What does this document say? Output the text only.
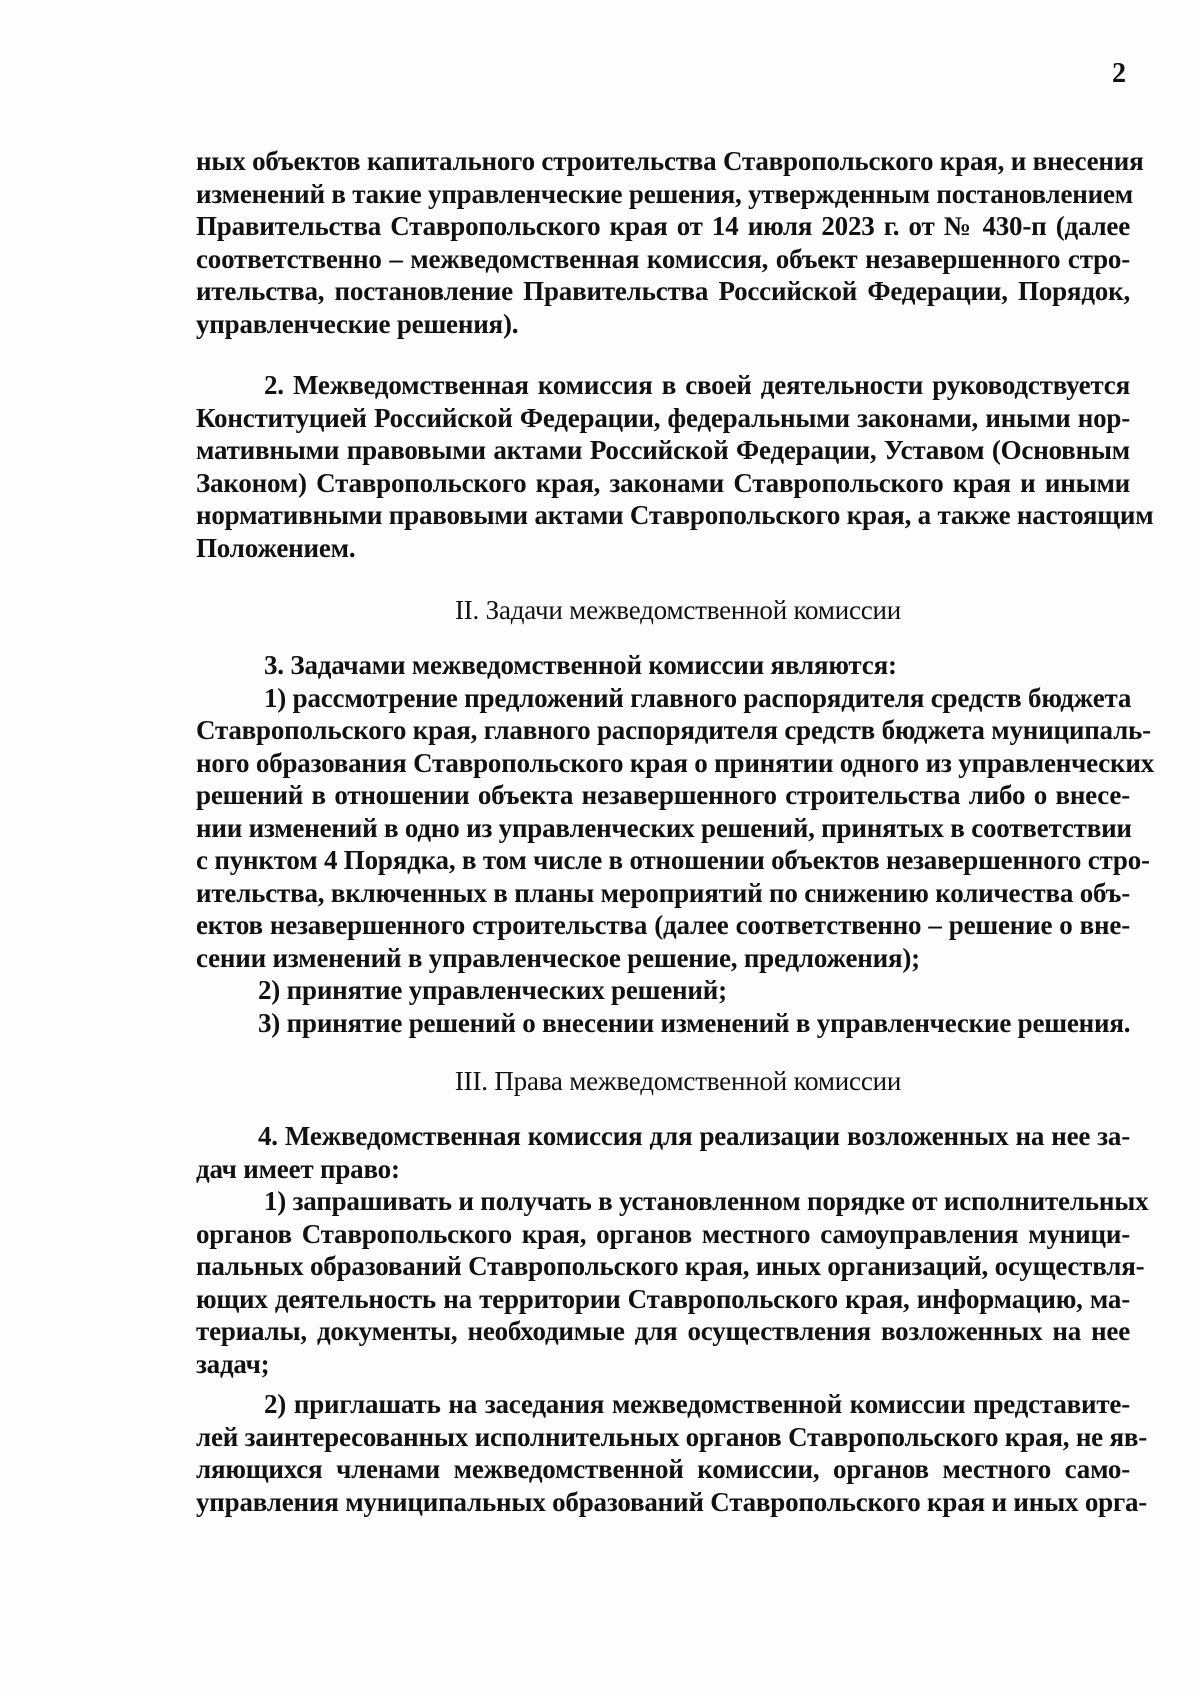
2
ных объектов капитального строительства Ставропольского края, и внесения
изменений в такие управленческие решения, утвержденным постановлением
Правительства Ставропольского края от 14 июля 2023 г. от № 430-п (далее
соответственно – межведомственная комиссия, объект незавершенного стро-
ительства, постановление Правительства Российской Федерации, Порядок,
управленческие решения).
2. Межведомственная комиссия в своей деятельности руководствуется
Конституцией Российской Федерации, федеральными законами, иными нор-
мативными правовыми актами Российской Федерации, Уставом (Основным
Законом) Ставропольского края, законами Ставропольского края и иными
нормативными правовыми актами Ставропольского края, а также настоящим
Положением.
II. Задачи межведомственной комиссии
3. Задачами межведомственной комиссии являются:
1) рассмотрение предложений главного распорядителя средств бюджета
Ставропольского края, главного распорядителя средств бюджета муниципаль-
ного образования Ставропольского края о принятии одного из управленческих
решений в отношении объекта незавершенного строительства либо о внесе-
нии изменений в одно из управленческих решений, принятых в соответствии
с пунктом 4 Порядка, в том числе в отношении объектов незавершенного стро-
ительства, включенных в планы мероприятий по снижению количества объ-
ектов незавершенного строительства (далее соответственно – решение о вне-
сении изменений в управленческое решение, предложения);
2) принятие управленческих решений;
3) принятие решений о внесении изменений в управленческие решения.
III. Права межведомственной комиссии
4. Межведомственная комиссия для реализации возложенных на нее за-
дач имеет право:
1) запрашивать и получать в установленном порядке от исполнительных
органов Ставропольского края, органов местного самоуправления муници-
пальных образований Ставропольского края, иных организаций, осуществля-
ющих деятельность на территории Ставропольского края, информацию, ма-
териалы, документы, необходимые для осуществления возложенных на нее
задач;
2) приглашать на заседания межведомственной комиссии представите-
лей заинтересованных исполнительных органов Ставропольского края, не яв-
ляющихся членами межведомственной комиссии, органов местного само-
управления муниципальных образований Ставропольского края и иных орга-
